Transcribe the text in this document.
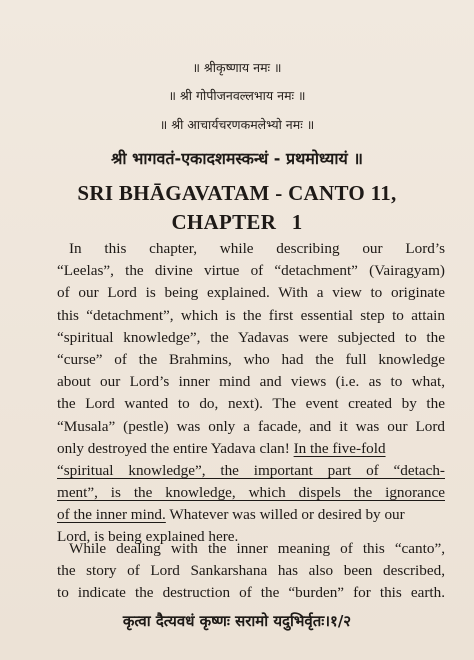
॥ श्रीकृष्णाय नमः ॥
॥ श्री गोपीजनवल्लभाय नमः ॥
॥ श्री आचार्यचरणकमलेभ्यो नमः ॥
श्री भागवतं-एकादशमस्कन्धं - प्रथमोध्यायं ॥
SRI BHĀGAVATAM - CANTO 11,
CHAPTER 1
In this chapter, while describing our Lord’s
“Leelas”, the divine virtue of “detachment” (Vairagyam)
of our Lord is being explained. With a view to originate
this “detachment”, which is the first essential step to attain
“spiritual knowledge”, the Yadavas were subjected to the
“curse” of the Brahmins, who had the full knowledge
about our Lord’s inner mind and views (i.e. as to what,
the Lord wanted to do, next). The event created by the
“Musala” (pestle) was only a facade, and it was our Lord
only destroyed the entire Yadava clan! In the five-fold
“spiritual knowledge”, the important part of “detach-
ment”, is the knowledge, which dispels the ignorance
of the inner mind. Whatever was willed or desired by our
Lord, is being explained here.
While dealing with the inner meaning of this “canto”,
the story of Lord Sankarshana has also been described,
to indicate the destruction of the “burden” for this earth.
कृत्वा दैत्यवधं कृष्णः सरामो यदुभिर्वृतः।१/२
